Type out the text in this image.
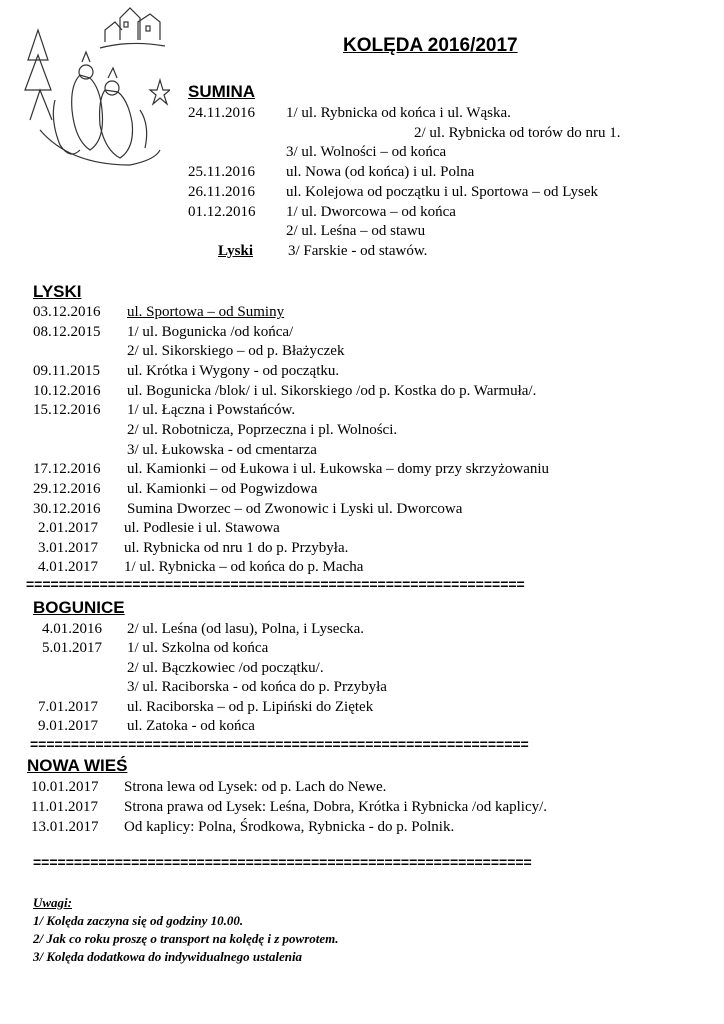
KOLĘDA 2016/2017
SUMINA
24.11.2016 1/ ul. Rybnicka od końca i ul. Wąska.
2/ ul. Rybnicka od torów do nru 1.
3/ ul. Wolności – od końca
25.11.2016 ul. Nowa (od końca) i ul. Polna
26.11.2016 ul. Kolejowa od początku i ul. Sportowa – od Lysek
01.12.2016 1/ ul. Dworcowa – od końca
2/ ul. Leśna – od stawu
Lyski 3/ Farskie - od stawów.
LYSKI
03.12.2016 ul. Sportowa – od Suminy
08.12.2015 1/ ul. Bogunicka /od końca/
2/ ul. Sikorskiego – od p. Błażyczek
09.11.2015 ul. Krótka i Wygony - od początku.
10.12.2016 ul. Bogunicka /blok/ i ul. Sikorskiego /od p. Kostka do p. Warmuła/.
15.12.2016 1/ ul. Łączna i Powstańców.
2/ ul. Robotnicza, Poprzeczna i pl. Wolności.
3/ ul. Łukowska - od cmentarza
17.12.2016 ul. Kamionki – od Łukowa i ul. Łukowska – domy przy skrzyżowaniu
29.12.2016 ul. Kamionki – od Pogwizdowa
30.12.2016 Sumina Dworzec – od Zwonowic i Lyski ul. Dworcowa
2.01.2017 ul. Podlesie i ul. Stawowa
3.01.2017 ul. Rybnicka od nru 1 do p. Przybyła.
4.01.2017 1/ ul. Rybnicka – od końca do p. Macha
=============================================================
BOGUNICE
4.01.2016 2/ ul. Leśna (od lasu), Polna, i Lysecka.
5.01.2017 1/ ul. Szkolna od końca
2/ ul. Bączkowiec /od początku/.
3/ ul. Raciborska - od końca do p. Przybyła
7.01.2017 ul. Raciborska – od p. Lipiński do Ziętek
9.01.2017 ul. Zatoka - od końca
=============================================================
NOWA WIEŚ
10.01.2017 Strona lewa od Lysek: od p. Lach do Newe.
11.01.2017 Strona prawa od Lysek: Leśna, Dobra, Krótka i Rybnicka /od kaplicy/.
13.01.2017 Od kaplicy: Polna, Środkowa, Rybnicka - do p. Polnik.
=============================================================
Uwagi:
1/ Kolęda zaczyna się od godziny 10.00.
2/ Jak co roku proszę o transport na kolędę i z powrotem.
3/ Kolęda dodatkowa do indywidualnego ustalenia
